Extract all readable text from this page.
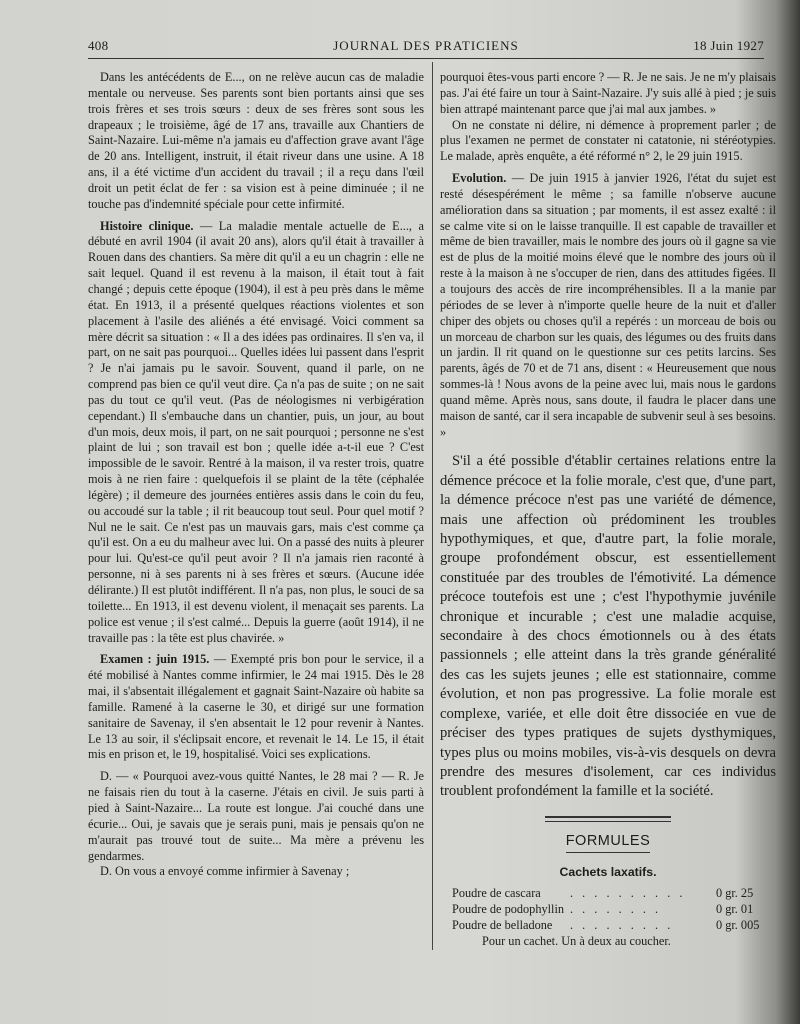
408	JOURNAL DES PRATICIENS	18 Juin 1927

Dans les antécédents de E..., on ne relève aucun cas de maladie mentale ou nerveuse. Ses parents sont bien portants ainsi que ses trois frères et ses trois sœurs : deux de ses frères sont sous les drapeaux ; le troisième, âgé de 17 ans, travaille aux Chantiers de Saint-Nazaire. Lui-même n'a jamais eu d'affection grave avant l'âge de 20 ans. Intelligent, instruit, il était riveur dans une usine. A 18 ans, il a été victime d'un accident du travail ; il a reçu dans l'œil droit un petit éclat de fer : sa vision est à peine diminuée ; il ne touche pas d'indemnité spéciale pour cette infirmité.

Histoire clinique. — La maladie mentale actuelle de E..., a débuté en avril 1904 (il avait 20 ans), alors qu'il était à travailler à Rouen dans des chantiers. Sa mère dit qu'il a eu un chagrin : elle ne sait lequel. Quand il est revenu à la maison, il était tout à fait changé ; depuis cette époque (1904), il est à peu près dans le même état. En 1913, il a présenté quelques réactions violentes et son placement à l'asile des aliénés a été envisagé. Voici comment sa mère décrit sa situation : « Il a des idées pas ordinaires. Il s'en va, il part, on ne sait pas pourquoi... Quelles idées lui passent dans l'esprit ? Je n'ai jamais pu le savoir. Souvent, quand il parle, on ne comprend pas bien ce qu'il veut dire. Ça n'a pas de suite ; on ne sait pas du tout ce qu'il veut. (Pas de néologismes ni verbigération cependant.) Il s'embauche dans un chantier, puis, un jour, au bout d'un mois, deux mois, il part, on ne sait pourquoi ; personne ne s'est plaint de lui ; son travail est bon ; quelle idée a-t-il eue ? C'est impossible de le savoir. Rentré à la maison, il va rester trois, quatre mois à ne rien faire : quelquefois il se plaint de la tête (céphalée légère) ; il demeure des journées entières assis dans le coin du feu, ou accoudé sur la table ; il rit beaucoup tout seul. Pour quel motif ? Nul ne le sait. Ce n'est pas un mauvais gars, mais c'est comme ça qu'il est. On a eu du malheur avec lui. On a passé des nuits à pleurer pour lui. Qu'est-ce qu'il peut avoir ? Il n'a jamais rien raconté à personne, ni à ses parents ni à ses frères et sœurs. (Aucune idée délirante.) Il est plutôt indifférent. Il n'a pas, non plus, le souci de sa toilette... En 1913, il est devenu violent, il menaçait ses parents. La police est venue ; il s'est calmé... Depuis la guerre (août 1914), il ne travaille pas : la tête est plus chavirée. »

Examen : juin 1915. — Exempté pris bon pour le service, il a été mobilisé à Nantes comme infirmier, le 24 mai 1915. Dès le 28 mai, il s'absentait illégalement et gagnait Saint-Nazaire où habite sa famille. Ramené à la caserne le 30, et dirigé sur une formation sanitaire de Savenay, il s'en absentait le 12 pour revenir à Nantes. Le 13 au soir, il s'éclipsait encore, et revenait le 14. Le 15, il était mis en prison et, le 19, hospitalisé. Voici ses explications.

D. — « Pourquoi avez-vous quitté Nantes, le 28 mai ? — R. Je ne faisais rien du tout à la caserne. J'étais en civil. Je suis parti à pied à Saint-Nazaire... La route est longue. J'ai couché dans une écurie... Oui, je savais que je serais puni, mais je pensais qu'on ne m'aurait pas trouvé tout de suite... Ma mère a prévenu les gendarmes.

D. On vous a envoyé comme infirmier à Savenay ;

pourquoi êtes-vous parti encore ? — R. Je ne sais. Je ne m'y plaisais pas. J'ai été faire un tour à Saint-Nazaire. J'y suis allé à pied ; je suis bien attrapé maintenant parce que j'ai mal aux jambes. »

On ne constate ni délire, ni démence à proprement parler ; de plus l'examen ne permet de constater ni catatonie, ni stéréotypies. Le malade, après enquête, a été réformé n° 2, le 29 juin 1915.

Evolution. — De juin 1915 à janvier 1926, l'état du sujet est resté désespérément le même ; sa famille n'observe aucune amélioration dans sa situation ; par moments, il est assez exalté : il se calme vite si on le laisse tranquille. Il est capable de travailler et même de bien travailler, mais le nombre des jours où il gagne sa vie est de plus de la moitié moins élevé que le nombre des jours où il reste à la maison à ne s'occuper de rien, dans des attitudes figées. Il a toujours des accès de rire incompréhensibles. Il a la manie par périodes de se lever à n'importe quelle heure de la nuit et d'aller chiper des objets ou choses qu'il a repérés : un morceau de bois ou un morceau de charbon sur les quais, des légumes ou des fruits dans un jardin. Il rit quand on le questionne sur ces petits larcins. Ses parents, âgés de 70 et de 71 ans, disent : « Heureusement que nous sommes-là ! Nous avons de la peine avec lui, mais nous le gardons quand même. Après nous, sans doute, il faudra le placer dans une maison de santé, car il sera incapable de subvenir seul à ses besoins. »

S'il a été possible d'établir certaines relations entre la démence précoce et la folie morale, c'est que, d'une part, la démence précoce n'est pas une variété de démence, mais une affection où prédominent les troubles hypothymiques, et que, d'autre part, la folie morale, groupe profondément obscur, est essentiellement constituée par des troubles de l'émotivité. La démence précoce toutefois est une ; c'est l'hypothymie juvénile chronique et incurable ; c'est une maladie acquise, secondaire à des chocs émotionnels ou à des états passionnels ; elle atteint dans la très grande généralité des cas les sujets jeunes ; elle est stationnaire, comme évolution, et non pas progressive. La folie morale est complexe, variée, et elle doit être dissociée en vue de préciser des types pratiques de sujets dysthymiques, types plus ou moins mobiles, vis-à-vis desquels on devra prendre des mesures d'isolement, car ces individus troublent profondément la famille et la société.

FORMULES
Cachets laxatifs.
Poudre de cascara . . . . . . . . . .	0 gr. 25
Poudre de podophyllin . . . . . . . .	0 gr. 01
Poudre de belladone . . . . . . . . .	0 gr. 005
Pour un cachet. Un à deux au coucher.
